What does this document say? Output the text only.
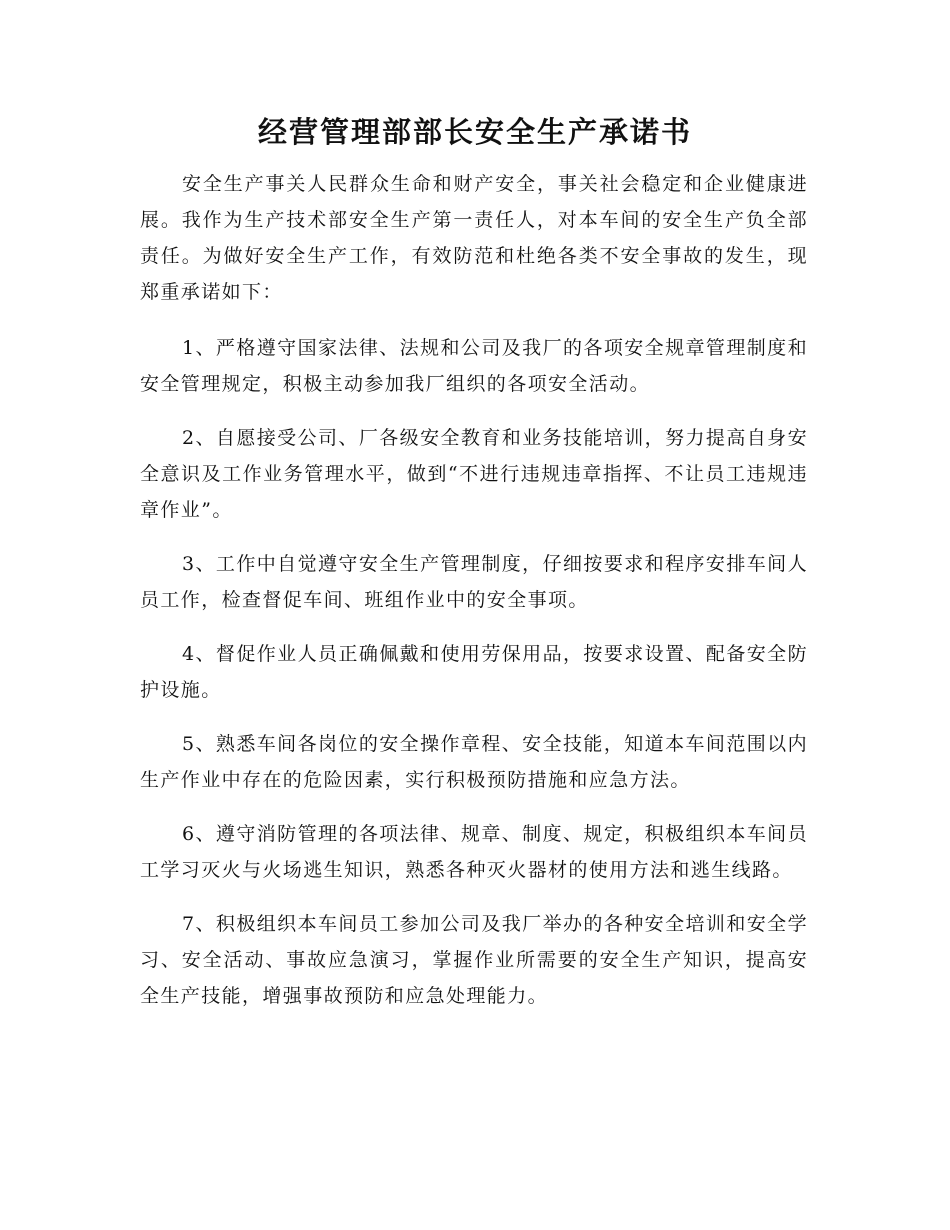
经营管理部部长安全生产承诺书

安全生产事关人民群众生命和财产安全，事关社会稳定和企业健康进展。我作为生产技术部安全生产第一责任人，对本车间的安全生产负全部责任。为做好安全生产工作，有效防范和杜绝各类不安全事故的发生，现郑重承诺如下：

1、严格遵守国家法律、法规和公司及我厂的各项安全规章管理制度和安全管理规定，积极主动参加我厂组织的各项安全活动。

2、自愿接受公司、厂各级安全教育和业务技能培训，努力提高自身安全意识及工作业务管理水平，做到“不进行违规违章指挥、不让员工违规违章作业”。

3、工作中自觉遵守安全生产管理制度，仔细按要求和程序安排车间人员工作，检查督促车间、班组作业中的安全事项。

4、督促作业人员正确佩戴和使用劳保用品，按要求设置、配备安全防护设施。

5、熟悉车间各岗位的安全操作章程、安全技能，知道本车间范围以内生产作业中存在的危险因素，实行积极预防措施和应急方法。

6、遵守消防管理的各项法律、规章、制度、规定，积极组织本车间员工学习灭火与火场逃生知识，熟悉各种灭火器材的使用方法和逃生线路。

7、积极组织本车间员工参加公司及我厂举办的各种安全培训和安全学习、安全活动、事故应急演习，掌握作业所需要的安全生产知识，提高安全生产技能，增强事故预防和应急处理能力。
